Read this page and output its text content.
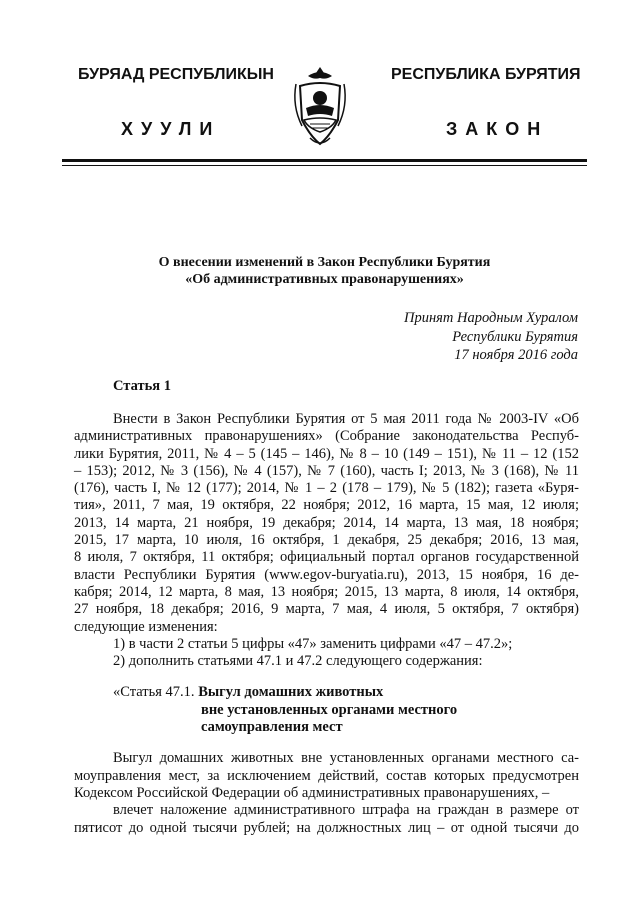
БУРЯАД РЕСПУБЛИКЫН	РЕСПУБЛИКА БУРЯТИЯ
ХУУЛИ	ЗАКОН
О внесении изменений в Закон Республики Бурятия
«Об административных правонарушениях»
Принят Народным Хуралом
Республики Бурятия
17 ноября 2016 года
Статья 1
Внести в Закон Республики Бурятия от 5 мая 2011 года № 2003-IV «Об
административных правонарушениях» (Собрание законодательства Респуб-
лики Бурятия, 2011, № 4 – 5 (145 – 146), № 8 – 10 (149 – 151), № 11 – 12 (152
– 153); 2012, № 3 (156), № 4 (157), № 7 (160), часть I; 2013, № 3 (168), № 11
(176), часть I, № 12 (177); 2014, № 1 – 2 (178 – 179), № 5 (182); газета «Буря-
тия», 2011, 7 мая, 19 октября, 22 ноября; 2012, 16 марта, 15 мая, 12 июля;
2013, 14 марта, 21 ноября, 19 декабря; 2014, 14 марта, 13 мая, 18 ноября;
2015, 17 марта, 10 июля, 16 октября, 1 декабря, 25 декабря; 2016, 13 мая,
8 июля, 7 октября, 11 октября; официальный портал органов государственной
власти Республики Бурятия (www.egov-buryatia.ru), 2013, 15 ноября, 16 де-
кабря; 2014, 12 марта, 8 мая, 13 ноября; 2015, 13 марта, 8 июля, 14 октября,
27 ноября, 18 декабря; 2016, 9 марта, 7 мая, 4 июля, 5 октября, 7 октября)
следующие изменения:
1) в части 2 статьи 5 цифры «47» заменить цифрами «47 – 47.2»;
2) дополнить статьями 47.1 и 47.2 следующего содержания:
«Статья 47.1. Выгул домашних животных
вне установленных органами местного
самоуправления мест
Выгул домашних животных вне установленных органами местного са-
моуправления мест, за исключением действий, состав которых предусмотрен
Кодексом Российской Федерации об административных правонарушениях, –
влечет наложение административного штрафа на граждан в размере от
пятисот до одной тысячи рублей; на должностных лиц – от одной тысячи до
